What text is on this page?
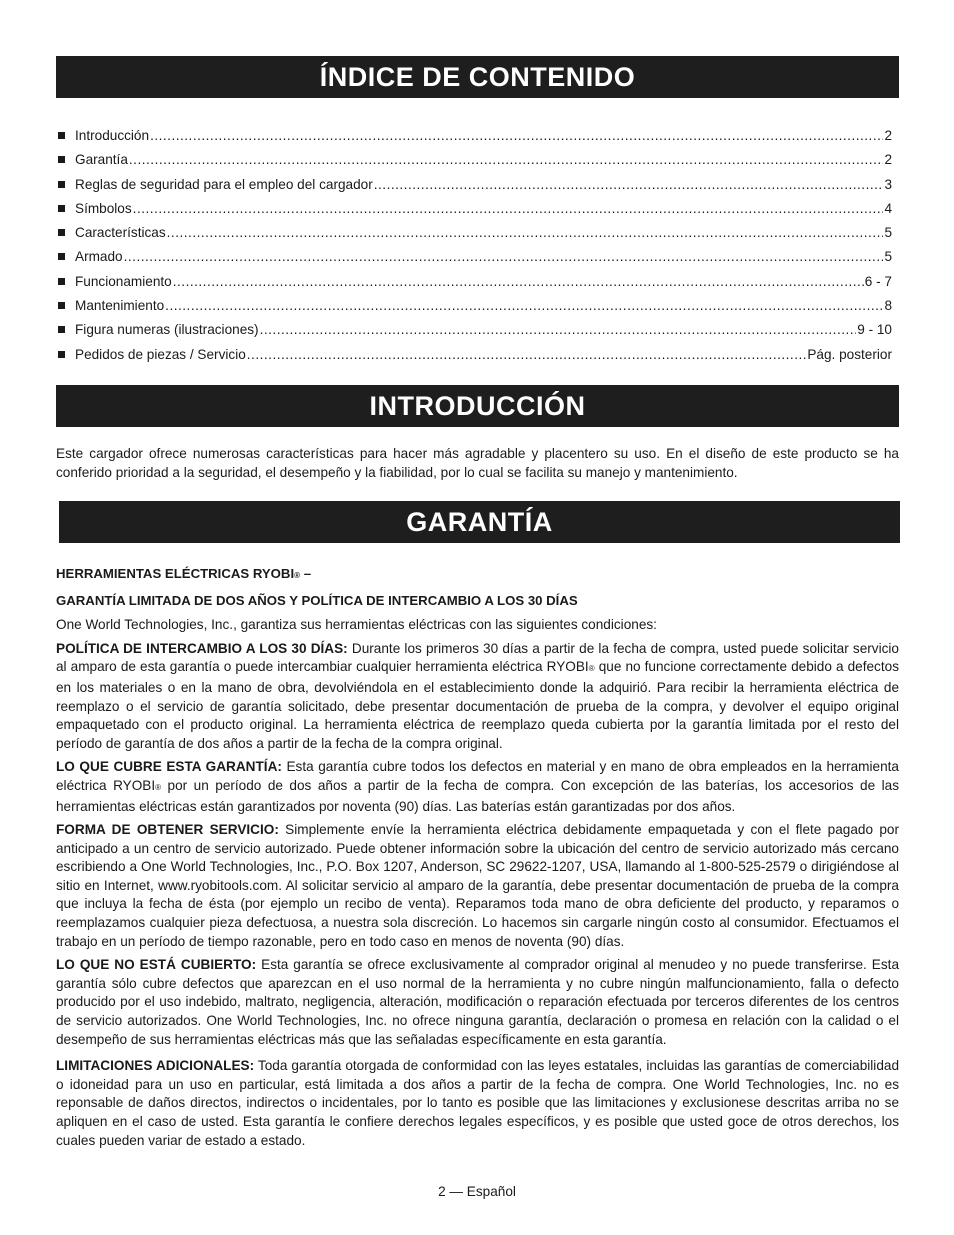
ÍNDICE DE CONTENIDO
Introducción .....	2
Garantía .....	2
Reglas de seguridad para el empleo del cargador .....	3
Símbolos .....	4
Características .....	5
Armado .....	5
Funcionamiento .....	6 - 7
Mantenimiento .....	8
Figura numeras (ilustraciones) .....	9 - 10
Pedidos de piezas / Servicio .....	Pág. posterior
INTRODUCCIÓN

Este cargador ofrece numerosas características para hacer más agradable y placentero su uso. En el diseño de este producto se ha conferido prioridad a la seguridad, el desempeño y la fiabilidad, por lo cual se facilita su manejo y mantenimiento.

GARANTÍA

HERRAMIENTAS ELÉCTRICAS RYOBI® –

GARANTÍA LIMITADA DE DOS AÑOS Y POLÍTICA DE INTERCAMBIO A LOS 30 DÍAS

One World Technologies, Inc., garantiza sus herramientas eléctricas con las siguientes condiciones:

POLÍTICA DE INTERCAMBIO A LOS 30 DÍAS: Durante los primeros 30 días a partir de la fecha de compra, usted puede solicitar servicio al amparo de esta garantía o puede intercambiar cualquier herramienta eléctrica RYOBI® que no funcione correctamente debido a defectos en los materiales o en la mano de obra, devolviéndola en el establecimiento donde la adquirió. Para recibir la herramienta eléctrica de reemplazo o el servicio de garantía solicitado, debe presentar documentación de prueba de la compra, y devolver el equipo original empaquetado con el producto original. La herramienta eléctrica de reemplazo queda cubierta por la garantía limitada por el resto del período de garantía de dos años a partir de la fecha de la compra original.

LO QUE CUBRE ESTA GARANTÍA: Esta garantía cubre todos los defectos en material y en mano de obra empleados en la herramienta eléctrica RYOBI® por un período de dos años a partir de la fecha de compra. Con excepción de las baterías, los accesorios de las herramientas eléctricas están garantizados por noventa (90) días. Las baterías están garantizadas por dos años.

FORMA DE OBTENER SERVICIO: Simplemente envíe la herramienta eléctrica debidamente empaquetada y con el flete pagado por anticipado a un centro de servicio autorizado. Puede obtener información sobre la ubicación del centro de servicio autorizado más cercano escribiendo a One World Technologies, Inc., P.O. Box 1207, Anderson, SC 29622-1207, USA, llamando al 1-800-525-2579 o dirigiéndose al sitio en Internet, www.ryobitools.com. Al solicitar servicio al amparo de la garantía, debe presentar documentación de prueba de la compra que incluya la fecha de ésta (por ejemplo un recibo de venta). Reparamos toda mano de obra deficiente del producto, y reparamos o reemplazamos cualquier pieza defectuosa, a nuestra sola discreción. Lo hacemos sin cargarle ningún costo al consumidor. Efectuamos el trabajo en un período de tiempo razonable, pero en todo caso en menos de noventa (90) días.

LO QUE NO ESTÁ CUBIERTO: Esta garantía se ofrece exclusivamente al comprador original al menudeo y no puede transferirse. Esta garantía sólo cubre defectos que aparezcan en el uso normal de la herramienta y no cubre ningún malfuncionamiento, falla o defecto producido por el uso indebido, maltrato, negligencia, alteración, modificación o reparación efectuada por terceros diferentes de los centros de servicio autorizados. One World Technologies, Inc. no ofrece ninguna garantía, declaración o promesa en relación con la calidad o el desempeño de sus herramientas eléctricas más que las señaladas específicamente en esta garantía.

LIMITACIONES ADICIONALES: Toda garantía otorgada de conformidad con las leyes estatales, incluidas las garantías de comerciabilidad o idoneidad para un uso en particular, está limitada a dos años a partir de la fecha de compra. One World Technologies, Inc. no es reponsable de daños directos, indirectos o incidentales, por lo tanto es posible que las limitaciones y exclusionese descritas arriba no se apliquen en el caso de usted. Esta garantía le confiere derechos legales específicos, y es posible que usted goce de otros derechos, los cuales pueden variar de estado a estado.

2 — Español
